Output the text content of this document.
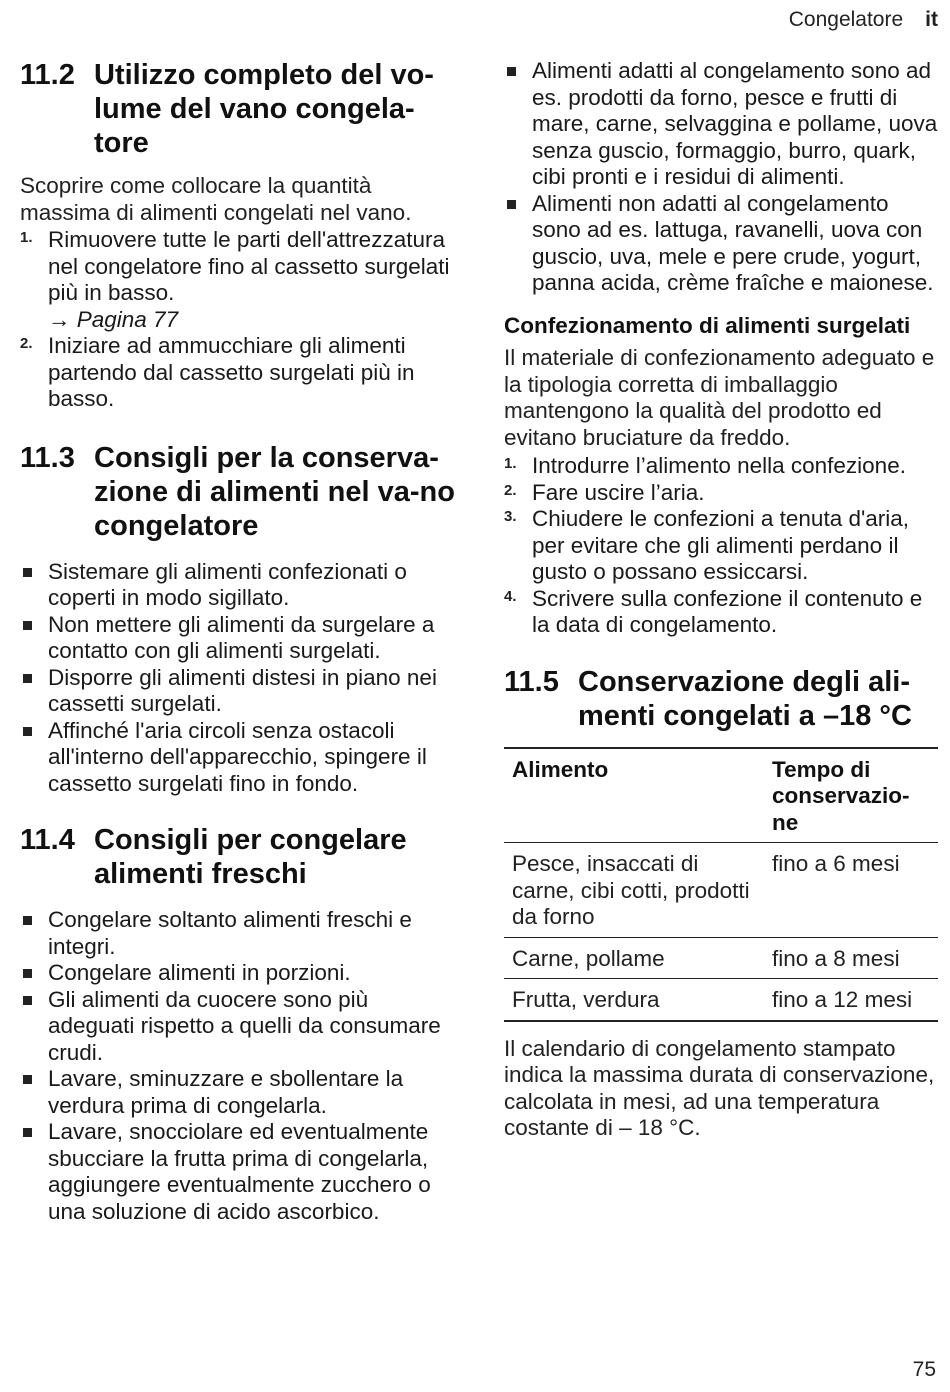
Congelatore it
11.2 Utilizzo completo del vo-lume del vano congela-tore

Scoprire come collocare la quantità massima di alimenti congelati nel vano.

1. Rimuovere tutte le parti dell'attrezzatura nel congelatore fino al cassetto surgelati più in basso.
→ Pagina 77
2. Iniziare ad ammucchiare gli alimenti partendo dal cassetto surgelati più in basso.
11.3 Consigli per la conserva-zione di alimenti nel va-no congelatore
Sistemare gli alimenti confezionati o coperti in modo sigillato.
Non mettere gli alimenti da surgelare a contatto con gli alimenti surgelati.
Disporre gli alimenti distesi in piano nei cassetti surgelati.
Affinché l'aria circoli senza ostacoli all'interno dell'apparecchio, spingere il cassetto surgelati fino in fondo.
11.4 Consigli per congelare alimenti freschi
Congelare soltanto alimenti freschi e integri.
Congelare alimenti in porzioni.
Gli alimenti da cuocere sono più adeguati rispetto a quelli da consumare crudi.
Lavare, sminuzzare e sbollentare la verdura prima di congelarla.
Lavare, snocciolare ed eventualmente sbucciare la frutta prima di congelarla, aggiungere eventualmente zucchero o una soluzione di acido ascorbico.
Alimenti adatti al congelamento sono ad es. prodotti da forno, pesce e frutti di mare, carne, selvaggina e pollame, uova senza guscio, formaggio, burro, quark, cibi pronti e i residui di alimenti.
Alimenti non adatti al congelamento sono ad es. lattuga, ravanelli, uova con guscio, uva, mele e pere crude, yogurt, panna acida, crème fraîche e maionese.
Confezionamento di alimenti surgelati

Il materiale di confezionamento adeguato e la tipologia corretta di imballaggio mantengono la qualità del prodotto ed evitano bruciature da freddo.

1. Introdurre l’alimento nella confezione.
2. Fare uscire l’aria.
3. Chiudere le confezioni a tenuta d'aria, per evitare che gli alimenti perdano il gusto o possano essiccarsi.
4. Scrivere sulla confezione il contenuto e la data di congelamento.
11.5 Conservazione degli ali-menti congelati a –18 °C
Alimento	Tempo di conservazio-ne
Pesce, insaccati di carne, cibi cotti, prodotti da forno	fino a 6 mesi
Carne, pollame	fino a 8 mesi
Frutta, verdura	fino a 12 mesi

Il calendario di congelamento stampato indica la massima durata di conservazione, calcolata in mesi, ad una temperatura costante di – 18 °C.

75
